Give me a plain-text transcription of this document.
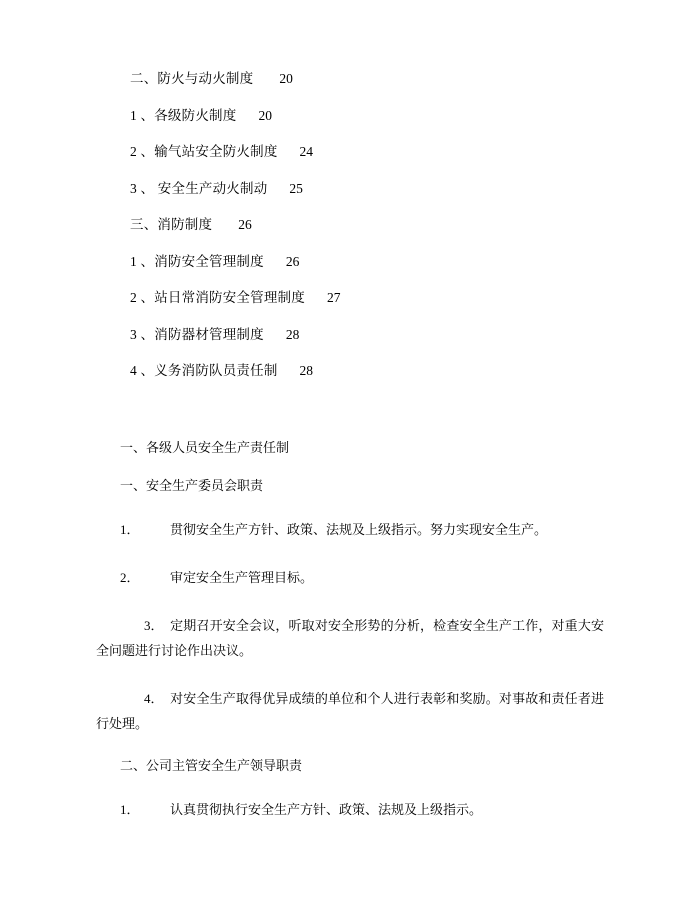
二、防火与动火制度 20
1 、各级防火制度 20
2 、输气站安全防火制度 24
3 、 安全生产动火制动 25
三、消防制度 26
1 、消防安全管理制度 26
2 、站日常消防安全管理制度 27
3 、消防器材管理制度 28
4 、义务消防队员责任制 28
一、各级人员安全生产责任制
一、安全生产委员会职责
1． 贯彻安全生产方针、政策、法规及上级指示。努力实现安全生产。
2． 审定安全生产管理目标。
3． 定期召开安全会议，听取对安全形势的分析，检查安全生产工作，对重大安全问题进行讨论作出决议。
4． 对安全生产取得优异成绩的单位和个人进行表彰和奖励。对事故和责任者进行处理。
二、公司主管安全生产领导职责
1． 认真贯彻执行安全生产方针、政策、法规及上级指示。
